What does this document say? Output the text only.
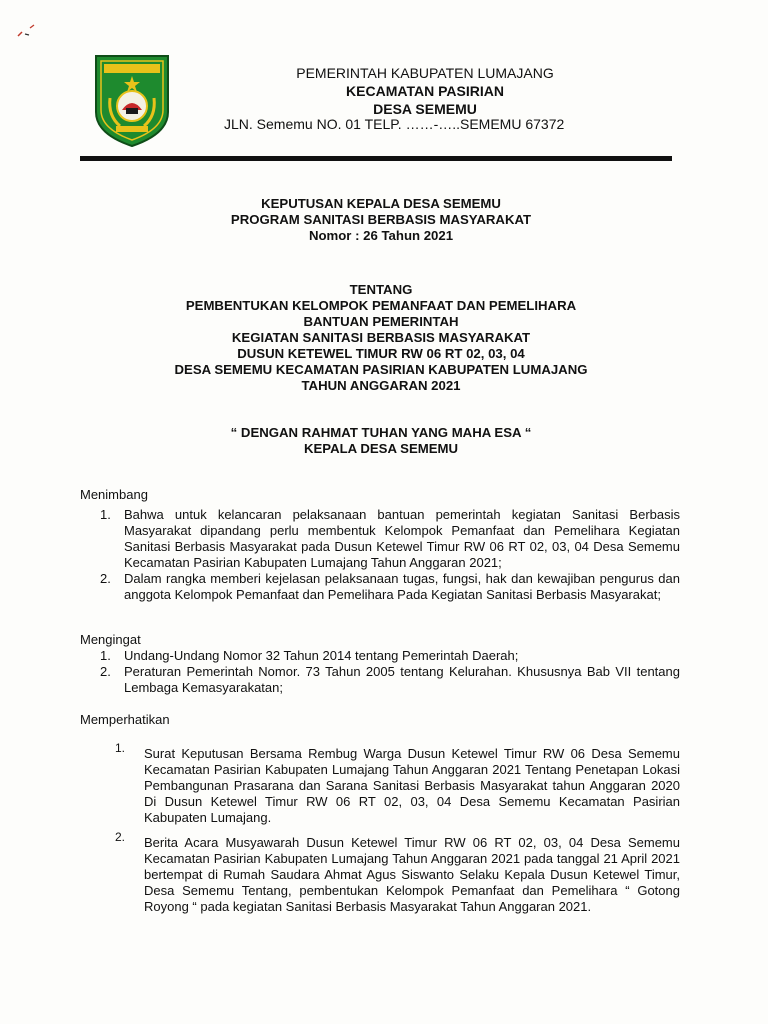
PEMERINTAH KABUPATEN LUMAJANG
KECAMATAN PASIRIAN
DESA SEMEMU
JLN. Sememu NO. 01 TELP. ……-…..SEMEMU 67372
KEPUTUSAN KEPALA DESA SEMEMU
PROGRAM SANITASI BERBASIS MASYARAKAT
Nomor : 26 Tahun 2021
TENTANG
PEMBENTUKAN KELOMPOK PEMANFAAT DAN PEMELIHARA
BANTUAN PEMERINTAH
KEGIATAN SANITASI BERBASIS MASYARAKAT
DUSUN KETEWEL TIMUR RW 06 RT 02, 03, 04
DESA SEMEMU KECAMATAN PASIRIAN KABUPATEN LUMAJANG
TAHUN ANGGARAN 2021
“ DENGAN RAHMAT TUHAN YANG MAHA ESA “
KEPALA DESA SEMEMU
Menimbang
1. Bahwa untuk kelancaran pelaksanaan bantuan pemerintah kegiatan Sanitasi Berbasis Masyarakat dipandang perlu membentuk Kelompok Pemanfaat dan Pemelihara Kegiatan Sanitasi Berbasis Masyarakat pada Dusun Ketewel Timur RW 06 RT 02, 03, 04 Desa Sememu Kecamatan Pasirian Kabupaten Lumajang Tahun Anggaran 2021;
2. Dalam rangka memberi kejelasan pelaksanaan tugas, fungsi, hak dan kewajiban pengurus dan anggota Kelompok Pemanfaat dan Pemelihara Pada Kegiatan Sanitasi Berbasis Masyarakat;
Mengingat
1. Undang-Undang Nomor 32 Tahun 2014 tentang Pemerintah Daerah;
2. Peraturan Pemerintah Nomor. 73 Tahun 2005 tentang Kelurahan. Khususnya Bab VII tentang Lembaga Kemasyarakatan;
Memperhatikan
1. Surat Keputusan Bersama Rembug Warga Dusun Ketewel Timur RW 06 Desa Sememu Kecamatan Pasirian Kabupaten Lumajang Tahun Anggaran 2021 Tentang Penetapan Lokasi Pembangunan Prasarana dan Sarana Sanitasi Berbasis Masyarakat tahun Anggaran 2020 Di Dusun Ketewel Timur RW 06 RT 02, 03, 04 Desa Sememu Kecamatan Pasirian Kabupaten Lumajang.
2. Berita Acara Musyawarah Dusun Ketewel Timur RW 06 RT 02, 03, 04 Desa Sememu Kecamatan Pasirian Kabupaten Lumajang Tahun Anggaran 2021 pada tanggal 21 April 2021 bertempat di Rumah Saudara Ahmat Agus Siswanto Selaku Kepala Dusun Ketewel Timur, Desa Sememu Tentang, pembentukan Kelompok Pemanfaat dan Pemelihara “ Gotong Royong “ pada kegiatan Sanitasi Berbasis Masyarakat Tahun Anggaran 2021.
